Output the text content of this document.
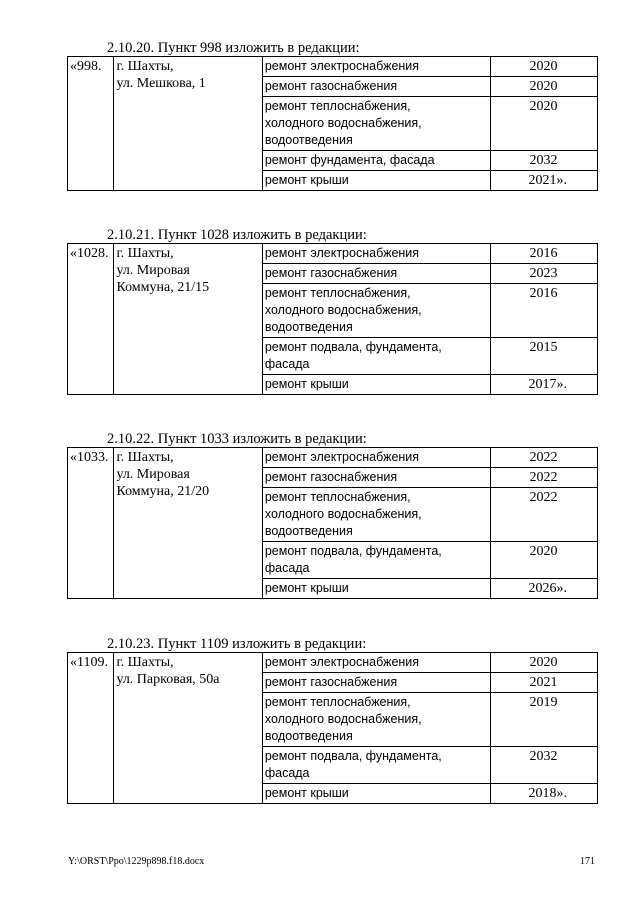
2.10.20. Пункт 998 изложить в редакции:
«998.	г. Шахты,
ул. Мешкова, 1	ремонт электроснабжения	2020

		ремонт газоснабжения	2020

		ремонт теплоснабжения,
холодного водоснабжения,
водоотведения	2020

		ремонт фундамента, фасада	2032

		ремонт крыши	2021».
2.10.21. Пункт 1028 изложить в редакции:
«1028.	г. Шахты,
ул. Мировая
Коммуна, 21/15	ремонт электроснабжения	2016

		ремонт газоснабжения	2023

		ремонт теплоснабжения,
холодного водоснабжения,
водоотведения	2016

		ремонт подвала, фундамента,
фасада	2015

		ремонт крыши	2017».
2.10.22. Пункт 1033 изложить в редакции:
«1033.	г. Шахты,
ул. Мировая
Коммуна, 21/20	ремонт электроснабжения	2022

		ремонт газоснабжения	2022

		ремонт теплоснабжения,
холодного водоснабжения,
водоотведения	2022

		ремонт подвала, фундамента,
фасада	2020

		ремонт крыши	2026».
2.10.23. Пункт 1109 изложить в редакции:
«1109.	г. Шахты,
ул. Парковая, 50а	ремонт электроснабжения	2020

		ремонт газоснабжения	2021

		ремонт теплоснабжения,
холодного водоснабжения,
водоотведения	2019

		ремонт подвала, фундамента,
фасада	2032

		ремонт крыши	2018».
Y:\ORST\Ppo\1229p898.f18.docx	171
